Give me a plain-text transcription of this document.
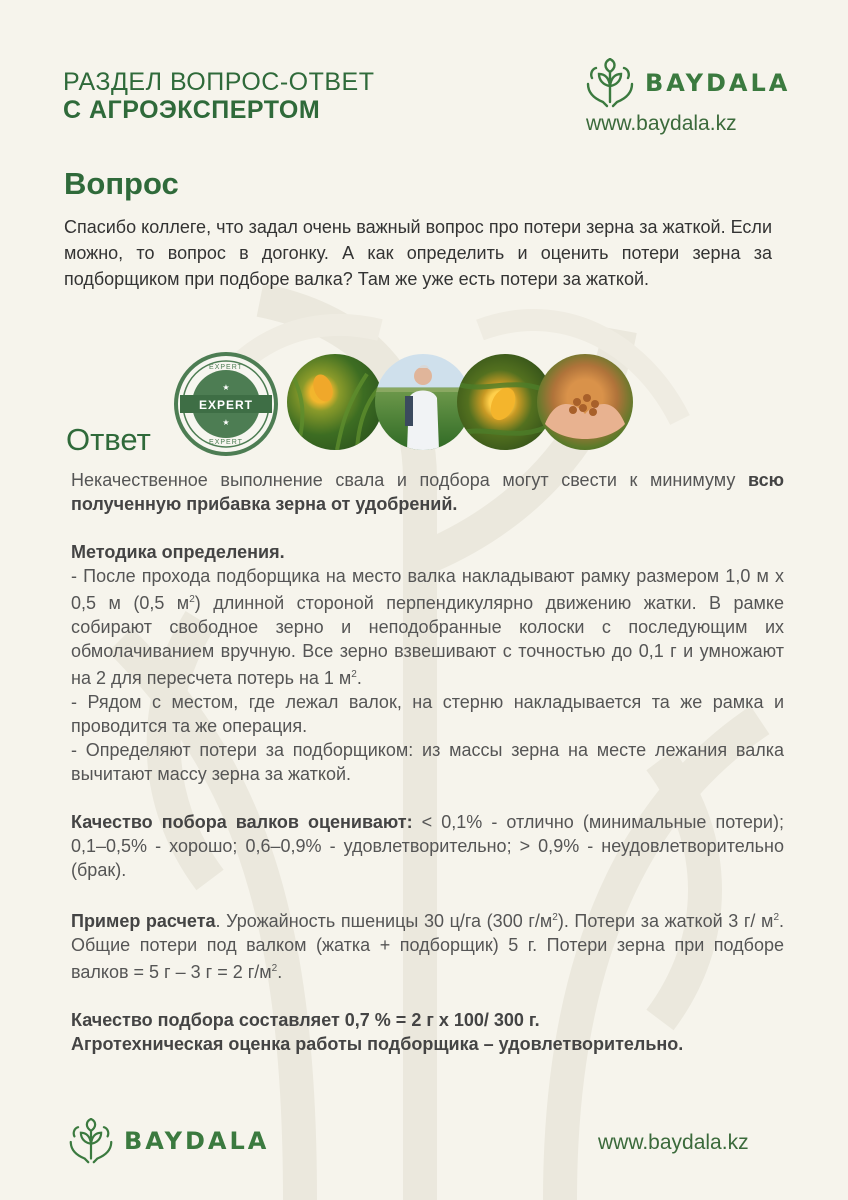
РАЗДЕЛ ВОПРОС-ОТВЕТ
С АГРОЭКСПЕРТОМ
BAYDALA
www.baydala.kz
Вопрос
Спасибо коллеге, что задал очень важный вопрос про потери зерна за жаткой. Если можно, то вопрос в догонку. А как определить и оценить потери зерна за подборщиком при подборе валка? Там же уже есть потери за жаткой.
EXPERT
EXPERT
EXPERT
★
★
Ответ

Некачественное выполнение свала и подбора могут свести к минимуму всю полученную прибавка зерна от удобрений.

Методика определения.

- После прохода подборщика на место валка накладывают рамку размером 1,0 м х 0,5 м (0,5 $м^2$) длинной стороной перпендикулярно движению жатки. В рамке собирают свободное зерно и неподобранные колоски с последующим их обмолачиванием вручную. Все зерно взвешивают с точностью до 0,1 г и умножают на 2 для пересчета потерь на 1 $м^2$.

- Рядом с местом, где лежал валок, на стерню накладывается та же рамка и проводится та же операция.

- Определяют потери за подборщиком: из массы зерна на месте лежания валка вычитают массу зерна за жаткой.

Качество побора валков оценивают: < 0,1% - отлично (минимальные потери); 0,1–0,5% - хорошо; 0,6–0,9% - удовлетворительно; > 0,9% - неудовлетворительно (брак).

Пример расчета. Урожайность пшеницы 30 ц/га (300 $г/м^2$). Потери за жаткой 3 г/ $м^2$. Общие потери под валком (жатка + подборщик) 5 г. Потери зерна при подборе валков = 5 г – 3 г = 2 $г/м^2$.

Качество подбора составляет 0,7 % = 2 г х 100/ 300 г.

Агротехническая оценка работы подборщика – удовлетворительно.

BAYDALA	www.baydala.kz
